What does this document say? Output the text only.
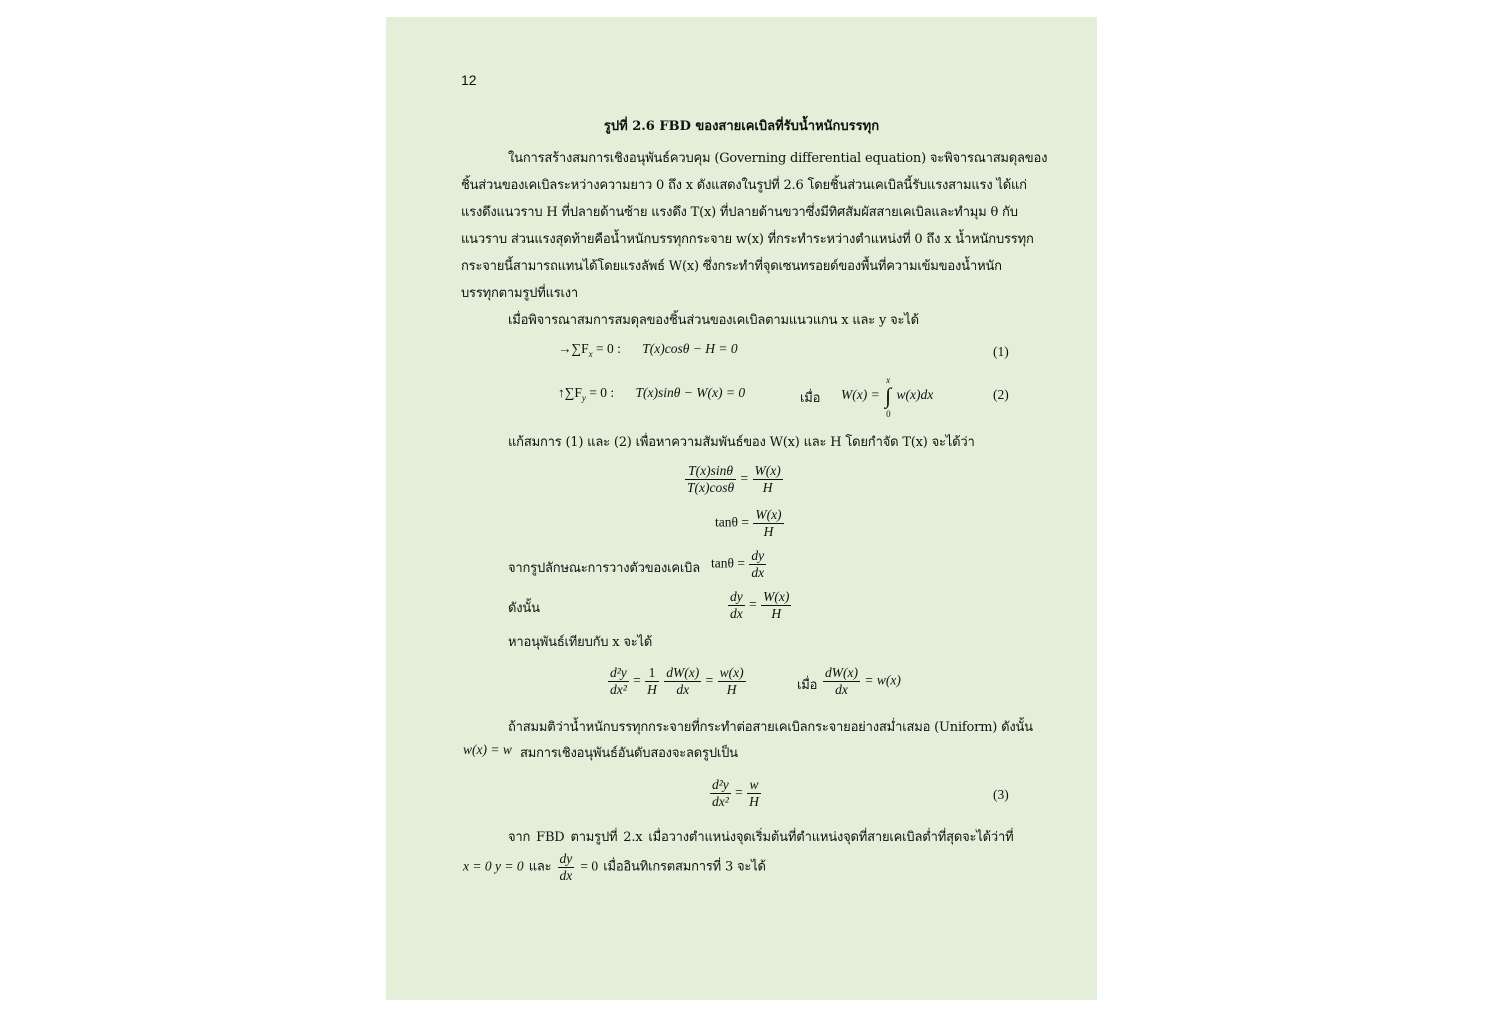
12
รูปที่ 2.6 FBD ของสายเคเบิลที่รับน้ำหนักบรรทุก
ในการสร้างสมการเชิงอนุพันธ์ควบคุม (Governing differential equation) จะพิจารณาสมดุลของ
ชิ้นส่วนของเคเบิลระหว่างความยาว 0 ถึง x ดังแสดงในรูปที่ 2.6 โดยชิ้นส่วนเคเบิลนี้รับแรงสามแรง ได้แก่
แรงดึงแนวราบ H ที่ปลายด้านซ้าย แรงดึง T(x) ที่ปลายด้านขวาซึ่งมีทิศสัมผัสสายเคเบิลและทำมุม θ กับ
แนวราบ ส่วนแรงสุดท้ายคือน้ำหนักบรรทุกกระจาย w(x) ที่กระทำระหว่างตำแหน่งที่ 0 ถึง x น้ำหนักบรรทุก
กระจายนี้สามารถแทนได้โดยแรงลัพธ์ W(x) ซึ่งกระทำที่จุดเซนทรอยด์ของพื้นที่ความเข้มของน้ำหนัก
บรรทุกตามรูปที่แรเงา
เมื่อพิจารณาสมการสมดุลของชิ้นส่วนของเคเบิลตามแนวแกน x และ y จะได้
$\to\sum F_x = 0$ : T(x)cosθ − H = 0	(1)
$↑\sum F_y = 0$ : T(x)sinθ − W(x) = 0	เมื่อ W(x) =
x
∫
0
w(x)dx	(2)
แก้สมการ (1) และ (2) เพื่อหาความสัมพันธ์ของ W(x) และ H โดยกำจัด T(x) จะได้ว่า
$\frac{T(x)\sin\theta}{T(x)\cos\theta} = \frac{W(x)}{H}$
$\tan\theta = \frac{W(x)}{H}$
จากรูปลักษณะการวางตัวของเคเบิล $\tan\theta = \frac{dy}{dx}$
ดังนั้น	$\frac{dy}{dx} = \frac{W(x)}{H}$
หาอนุพันธ์เทียบกับ x จะได้
$\frac{\text{d²y}}{\text{dx²}} = \frac{1}{H}$
$\frac{dW(x)}{dx} = \frac{w(x)}{H}$	เมื่อ $\frac{dW(x)}{dx} = w(x)$
ถ้าสมมติว่าน้ำหนักบรรทุกกระจายที่กระทำต่อสายเคเบิลกระจายอย่างสม่ำเสมอ (Uniform) ดังนั้น
w(x) = w สมการเชิงอนุพันธ์อันดับสองจะลดรูปเป็น
$\frac{\text{d²y}}{\text{dx²}} = \frac{w}{H}$	(3)
จาก FBD ตามรูปที่ 2.x เมื่อวางตำแหน่งจุดเริ่มต้นที่ตำแหน่งจุดที่สายเคเบิลต่ำที่สุดจะได้ว่าที่
x = 0 y = 0 และ $\frac{dy}{dx} = 0$ เมื่ออินทิเกรตสมการที่ 3 จะได้
